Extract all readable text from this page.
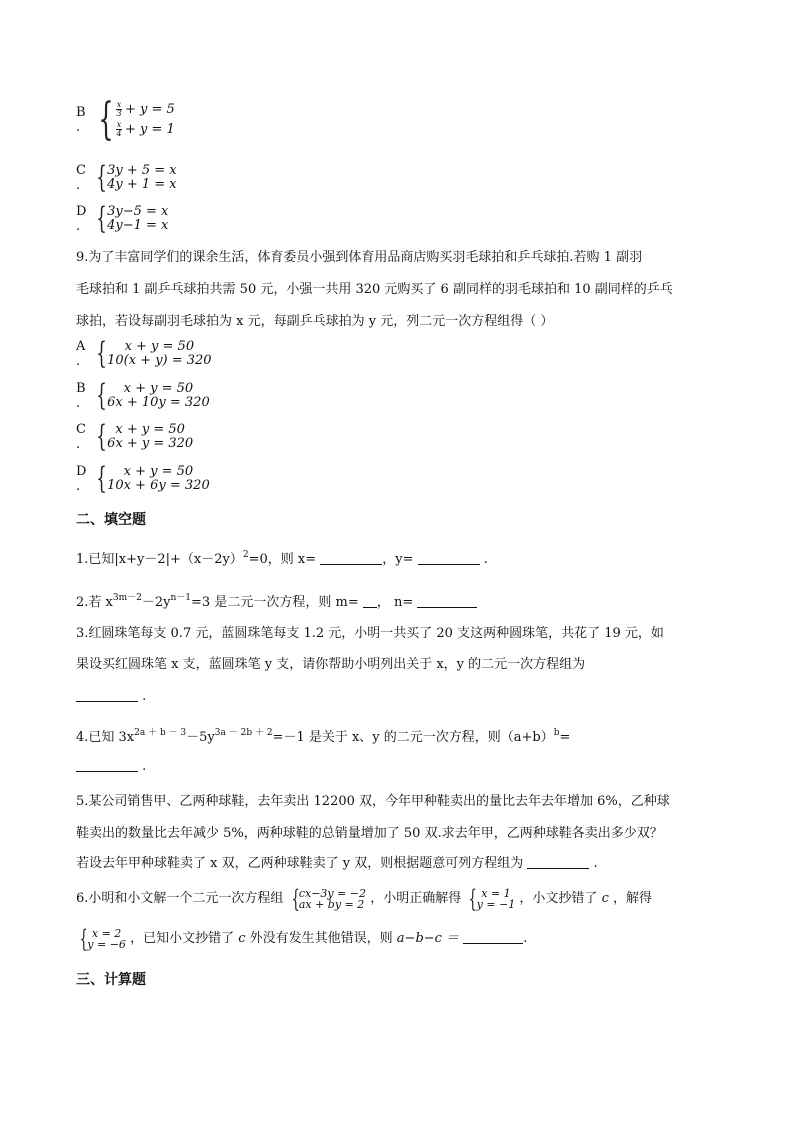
B . { $\frac{x}{3} + y = 5$
$\frac{x}{4} + y = 1$
C . { 3y + 5 = x
4y + 1 = x
D . { 3y−5 = x
4y−1 = x
9.为了丰富同学们的课余生活，体育委员小强到体育用品商店购买羽毛球拍和乒乓球拍.若购 1 副羽
毛球拍和 1 副乒乓球拍共需 50 元，小强一共用 320 元购买了 6 副同样的羽毛球拍和 10 副同样的乒乓
球拍，若设每副羽毛球拍为 x 元，每副乒乓球拍为 y 元，列二元一次方程组得（ ）
A . {	x + y = 50
10(x + y) = 320
B . {	x + y = 50
6x + 10y = 320
C . { x + y = 50
6x + y = 320
D . {	x + y = 50
10x + 6y = 320
二、填空题
1.已知$|x+y-2|+(x-2y)^2=0$，则 x=	，y=	.
2.若 $x^{3m-2}-2y^{n-1}=3$ 是二元一次方程，则 m= ， n=
3.红圆珠笔每支 0.7 元，蓝圆珠笔每支 1.2 元，小明一共买了 20 支这两种圆珠笔，共花了 19 元，如
果设买红圆珠笔 x 支，蓝圆珠笔 y 支，请你帮助小明列出关于 x，y 的二元一次方程组为
.
4.已知 $3x^{2a + b - 3}-5y^{3a - 2b + 2}=-1$ 是关于 x、y 的二元一次方程，则$(a+b)^b=$
.
5.某公司销售甲、乙两种球鞋，去年卖出 12200 双，今年甲种鞋卖出的量比去年去年增加 6%，乙种球
鞋卖出的数量比去年减少 5%，两种球鞋的总销量增加了 50 双.求去年甲，乙两种球鞋各卖出多少双？
若设去年甲种球鞋卖了 x 双，乙两种球鞋卖了 y 双，则根据题意可列方程组为	.
6.小明和小文解一个二元一次方程组 { cx−3y = −2
ax + by = 2 ，小明正确解得 { x = 1
y = −1 ，小文抄错了 c ，解得
{ x = 2
y = −6 ，已知小文抄错了 c 外没有发生其他错误，则 a−b−c ＝	.
三、计算题
